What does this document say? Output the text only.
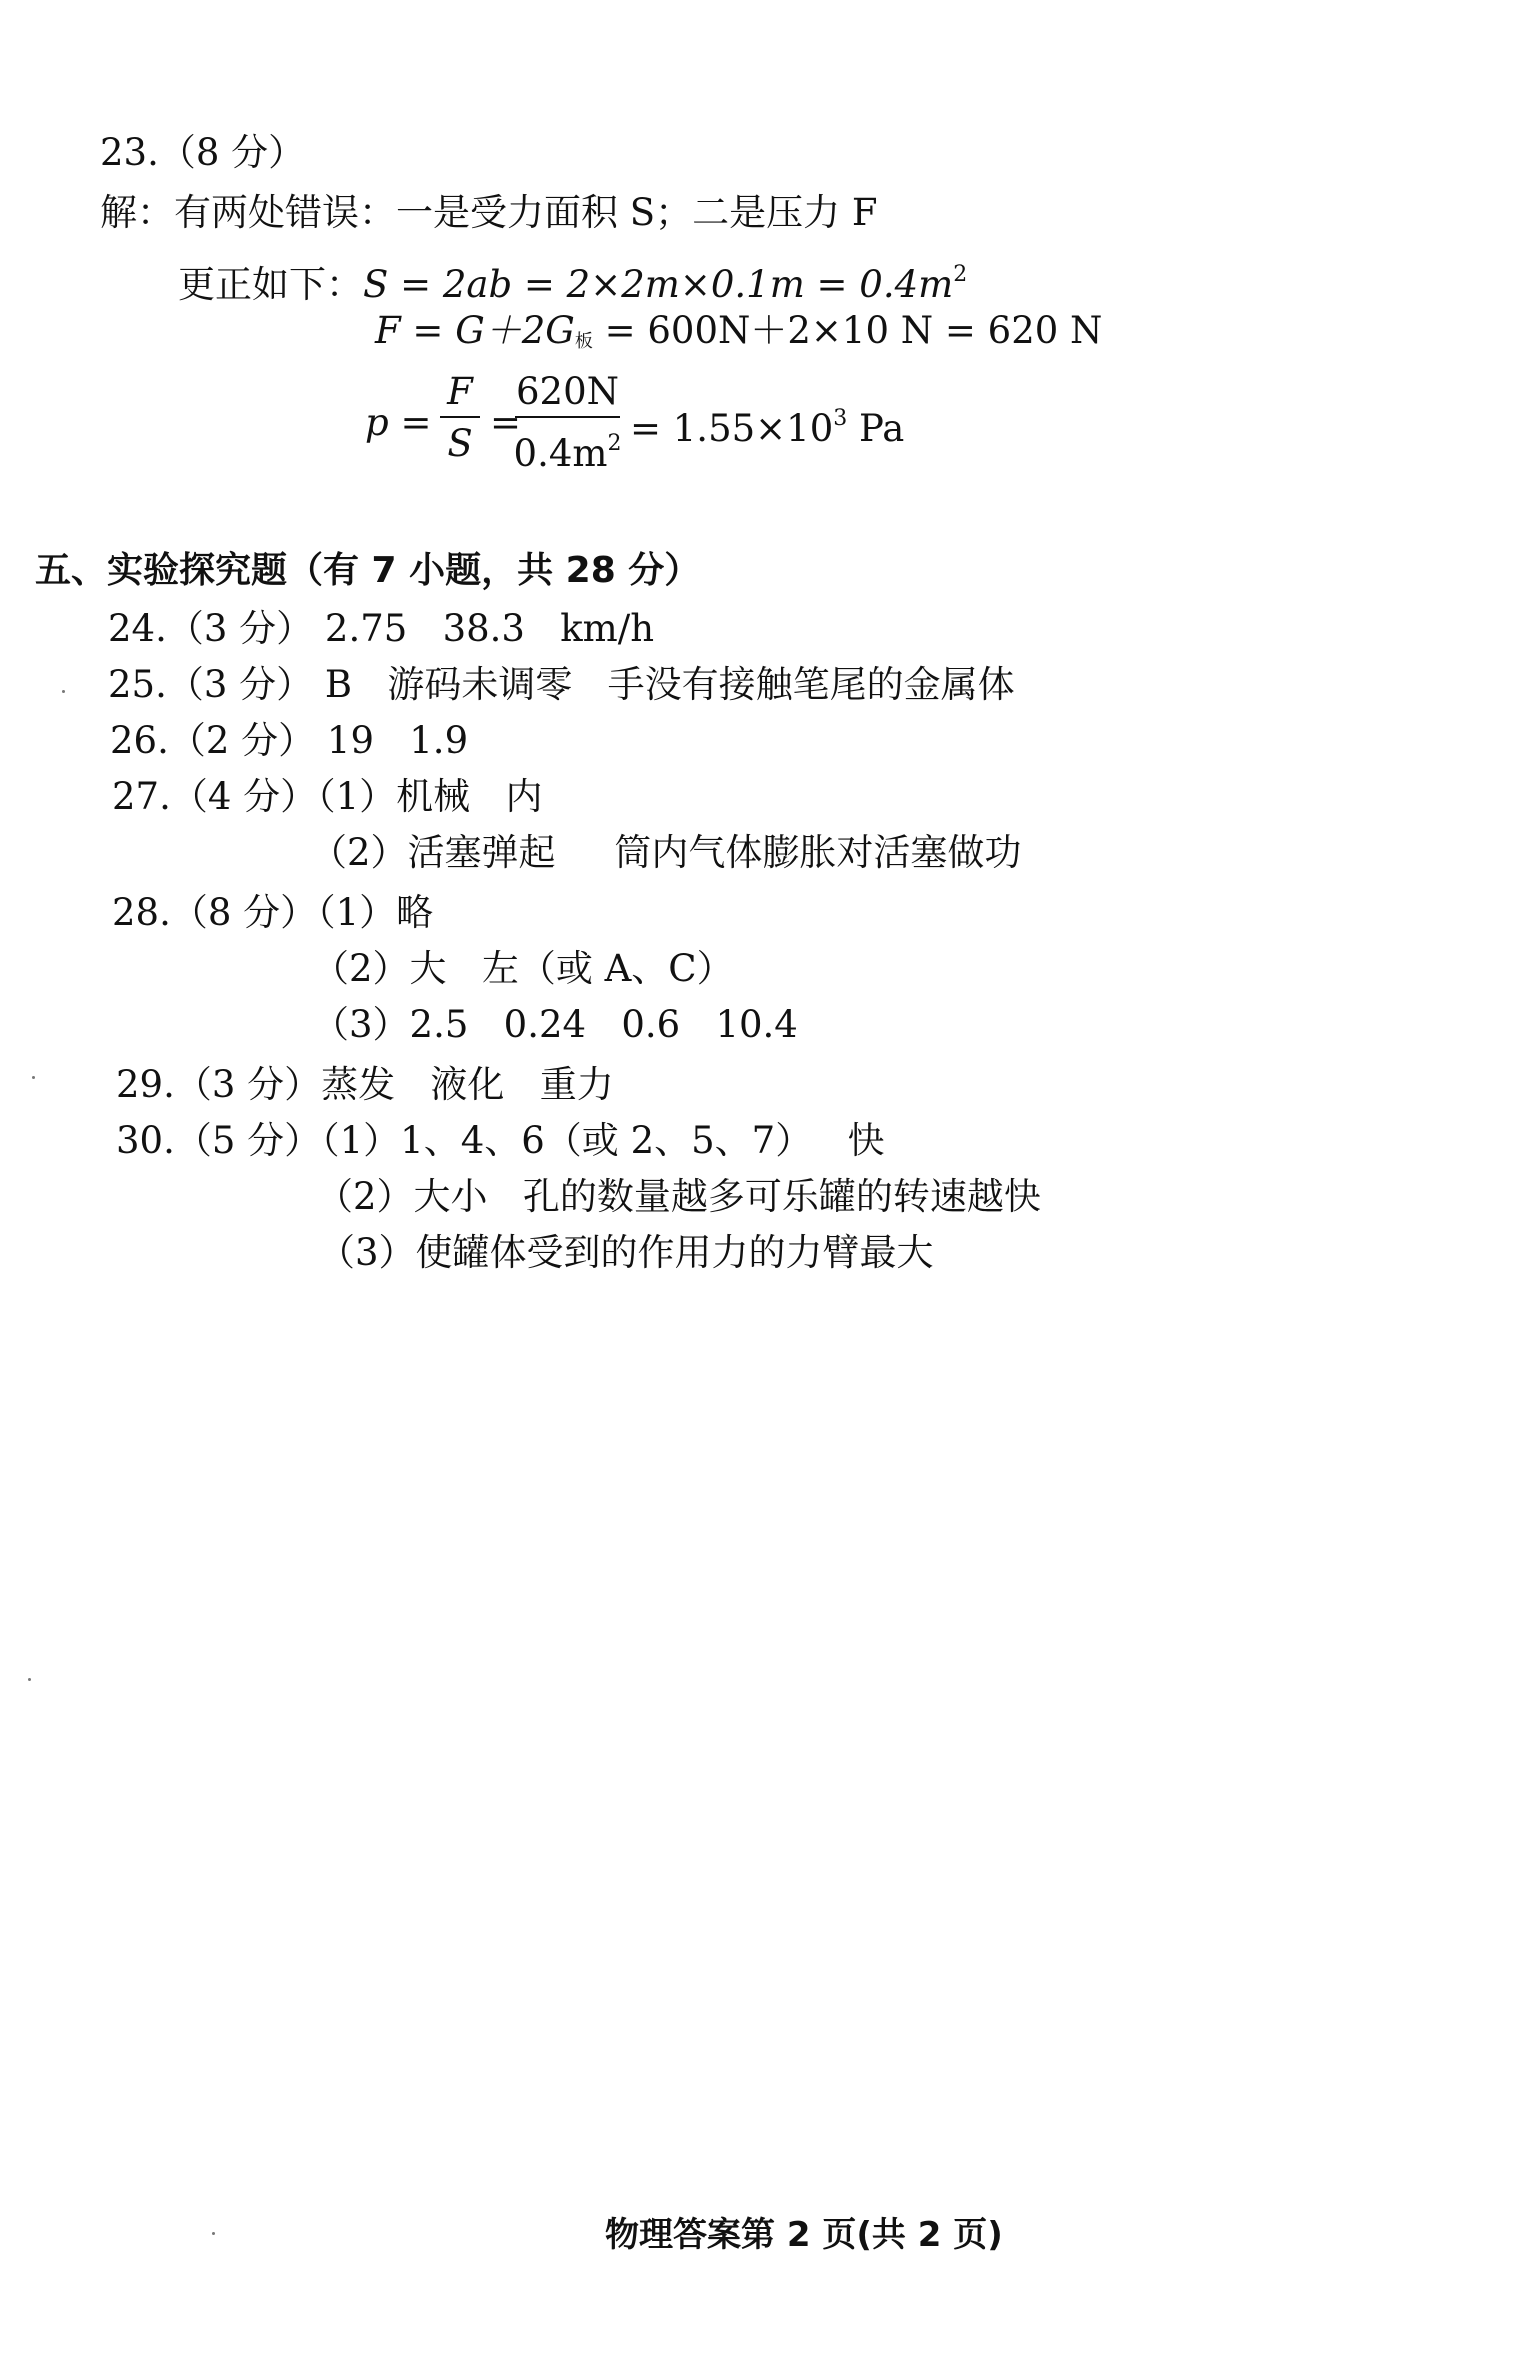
23.（8 分）
解：有两处错误：一是受力面积 S；二是压力 F
更正如下：$S = 2ab = 2\times 2m\times 0.1m = 0.4m^2$
$F = G+2G_板 = 600N+2\times 10$ N = 620 N
p =
F
S =
620N
$0.4m^2 = 1.55\times 10^3$ Pa
五、实验探究题（有 7 小题，共 28 分）
24.（3 分） 2.75   38.3   km/h
25.（3 分） B   游码未调零   手没有接触笔尾的金属体
26.（2 分） 19   1.9
27.（4 分）（1）机械   内
（2）活塞弹起     筒内气体膨胀对活塞做功
28.（8 分）（1）略
（2）大   左（或 A、C）
（3）2.5   0.24   0.6   10.4
29.（3 分）蒸发   液化   重力
30.（5 分）（1）1、4、6（或 2、5、7）   快
（2）大小   孔的数量越多可乐罐的转速越快
（3）使罐体受到的作用力的力臂最大
物理答案第 2 页(共 2 页)
